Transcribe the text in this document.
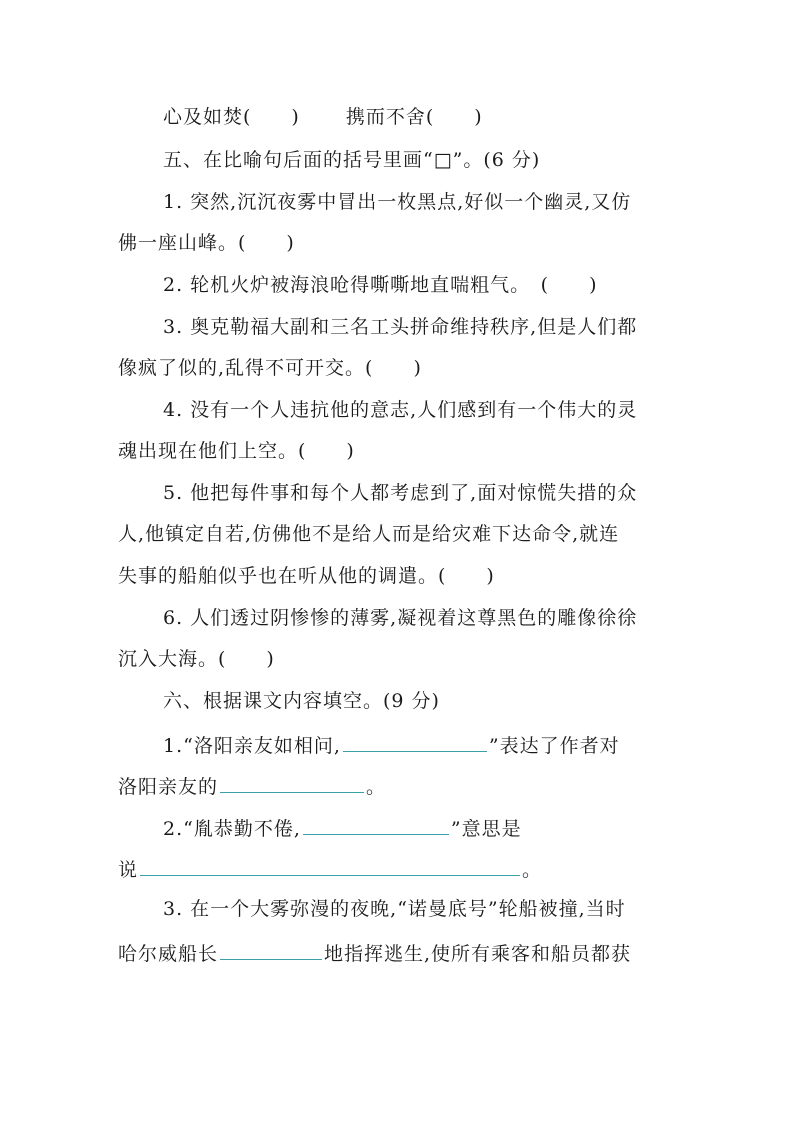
心及如焚(　　) 携而不舍(　　)
五、在比喻句后面的括号里画“□”。(6 分)
1. 突然,沉沉夜雾中冒出一枚黑点,好似一个幽灵,又仿
佛一座山峰。(　　)
2. 轮机火炉被海浪呛得嘶嘶地直喘粗气。　(　　)
3. 奥克勒福大副和三名工头拼命维持秩序,但是人们都
像疯了似的,乱得不可开交。(　　)
4. 没有一个人违抗他的意志,人们感到有一个伟大的灵
魂出现在他们上空。(　　)
5. 他把每件事和每个人都考虑到了,面对惊慌失措的众
人,他镇定自若,仿佛他不是给人而是给灾难下达命令,就连
失事的船舶似乎也在听从他的调遣。(　　)
6. 人们透过阴惨惨的薄雾,凝视着这尊黑色的雕像徐徐
沉入大海。(　　)
六、根据课文内容填空。(9 分)
1.“洛阳亲友如相问,	”表达了作者对
洛阳亲友的	。
2.“胤恭勤不倦,	”意思是
说	。
3. 在一个大雾弥漫的夜晚,“诺曼底号”轮船被撞,当时
哈尔威船长	地指挥逃生,使所有乘客和船员都获
